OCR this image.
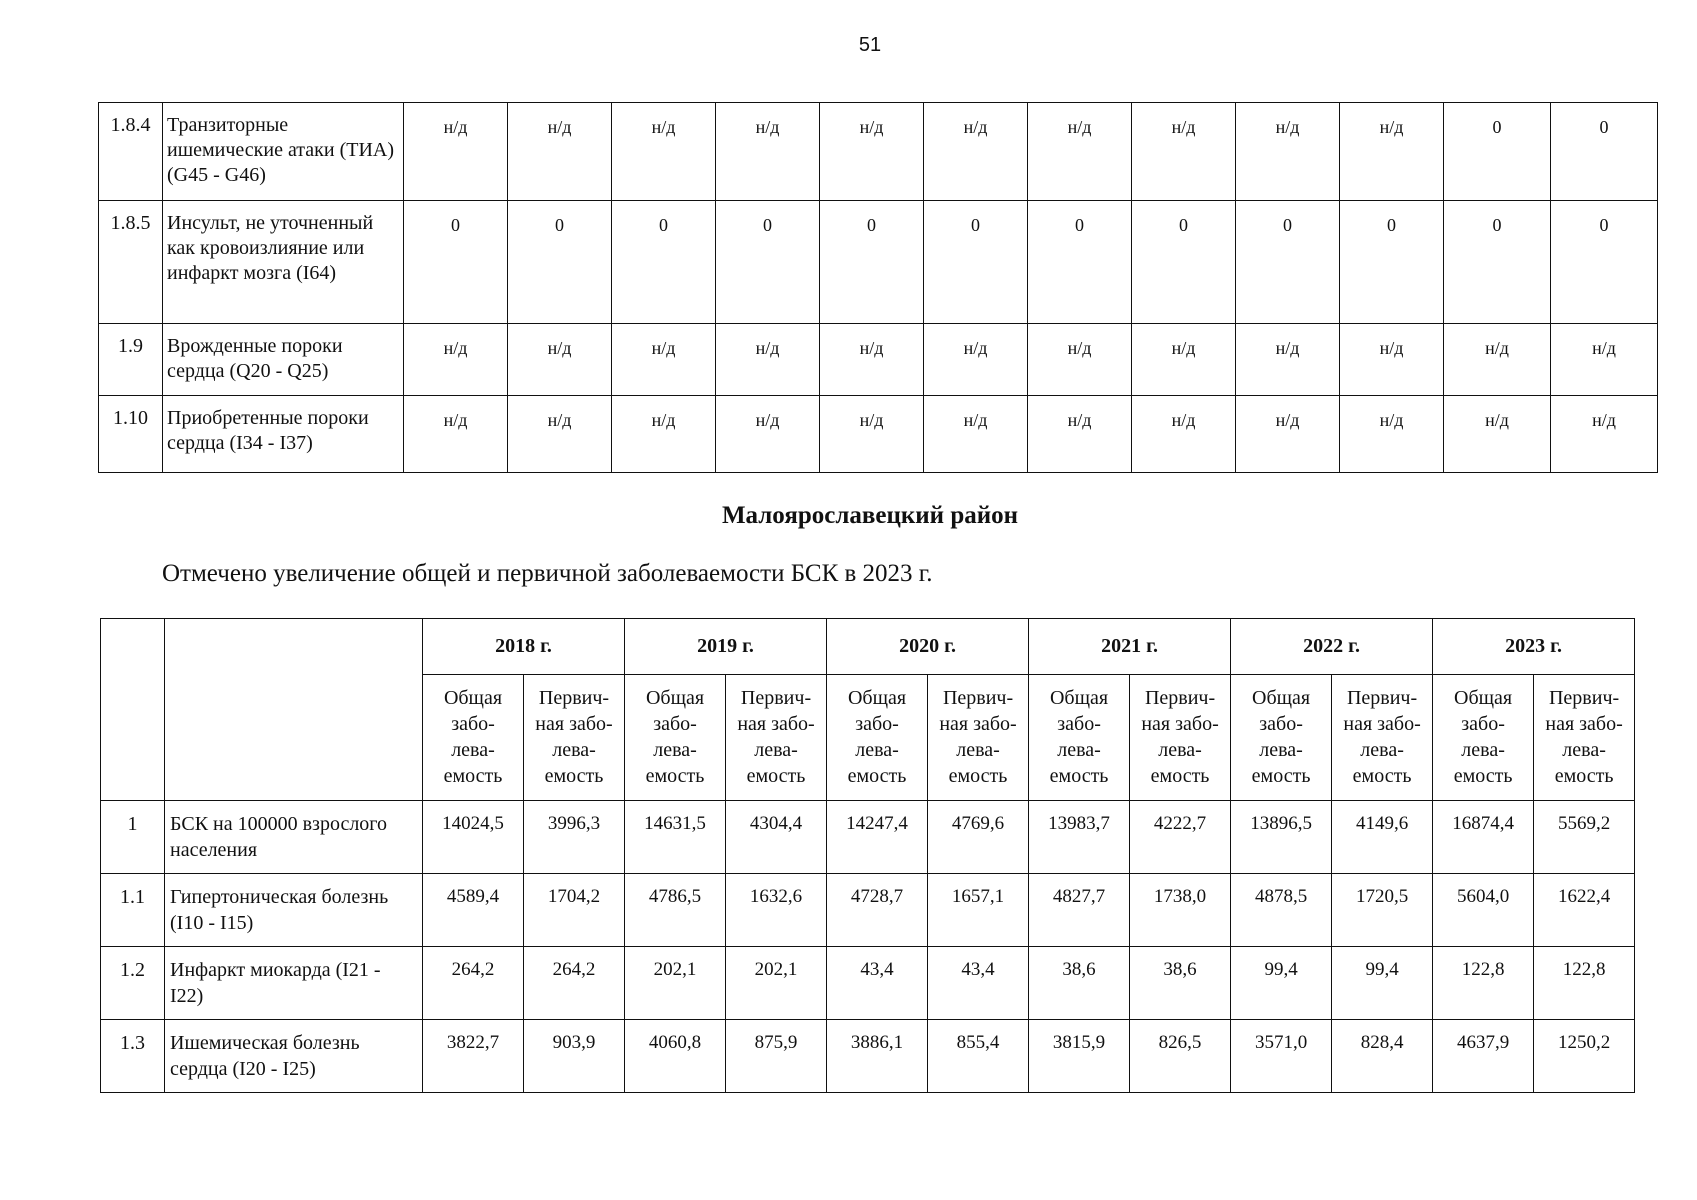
51
1.8.4	Транзиторные ишемические атаки (ТИА) (G45 - G46)	н/д	н/д	н/д	н/д	н/д	н/д	н/д	н/д	н/д	н/д	0	0
1.8.5	Инсульт, не уточненный как кровоизлияние или инфаркт мозга (I64)	0	0	0	0	0	0	0	0	0	0	0	0
1.9	Врожденные пороки сердца (Q20 - Q25)	н/д	н/д	н/д	н/д	н/д	н/д	н/д	н/д	н/д	н/д	н/д	н/д
1.10	Приобретенные пороки сердца (I34 - I37)	н/д	н/д	н/д	н/д	н/д	н/д	н/д	н/д	н/д	н/д	н/д	н/д
Малоярославецкий район
Отмечено увеличение общей и первичной заболеваемости БСК в 2023 г.
		2018 г.		2019 г.		2020 г.		2021 г.		2022 г.		2023 г.	

		Общая
забо-
лева-
емость	Первич-
ная забо-
лева-
емость	Общая
забо-
лева-
емость	Первич-
ная забо-
лева-
емость	Общая
забо-
лева-
емость	Первич-
ная забо-
лева-
емость	Общая
забо-
лева-
емость	Первич-
ная забо-
лева-
емость	Общая
забо-
лева-
емость	Первич-
ная забо-
лева-
емость	Общая
забо-
лева-
емость	Первич-
ная забо-
лева-
емость

1	БСК на 100000 взрослого населения	14024,5	3996,3	14631,5	4304,4	14247,4	4769,6	13983,7	4222,7	13896,5	4149,6	16874,4	5569,2
1.1	Гипертоническая болезнь (I10 - I15)	4589,4	1704,2	4786,5	1632,6	4728,7	1657,1	4827,7	1738,0	4878,5	1720,5	5604,0	1622,4
1.2	Инфаркт миокарда (I21 - I22)	264,2	264,2	202,1	202,1	43,4	43,4	38,6	38,6	99,4	99,4	122,8	122,8
1.3	Ишемическая болезнь сердца (I20 - I25)	3822,7	903,9	4060,8	875,9	3886,1	855,4	3815,9	826,5	3571,0	828,4	4637,9	1250,2
